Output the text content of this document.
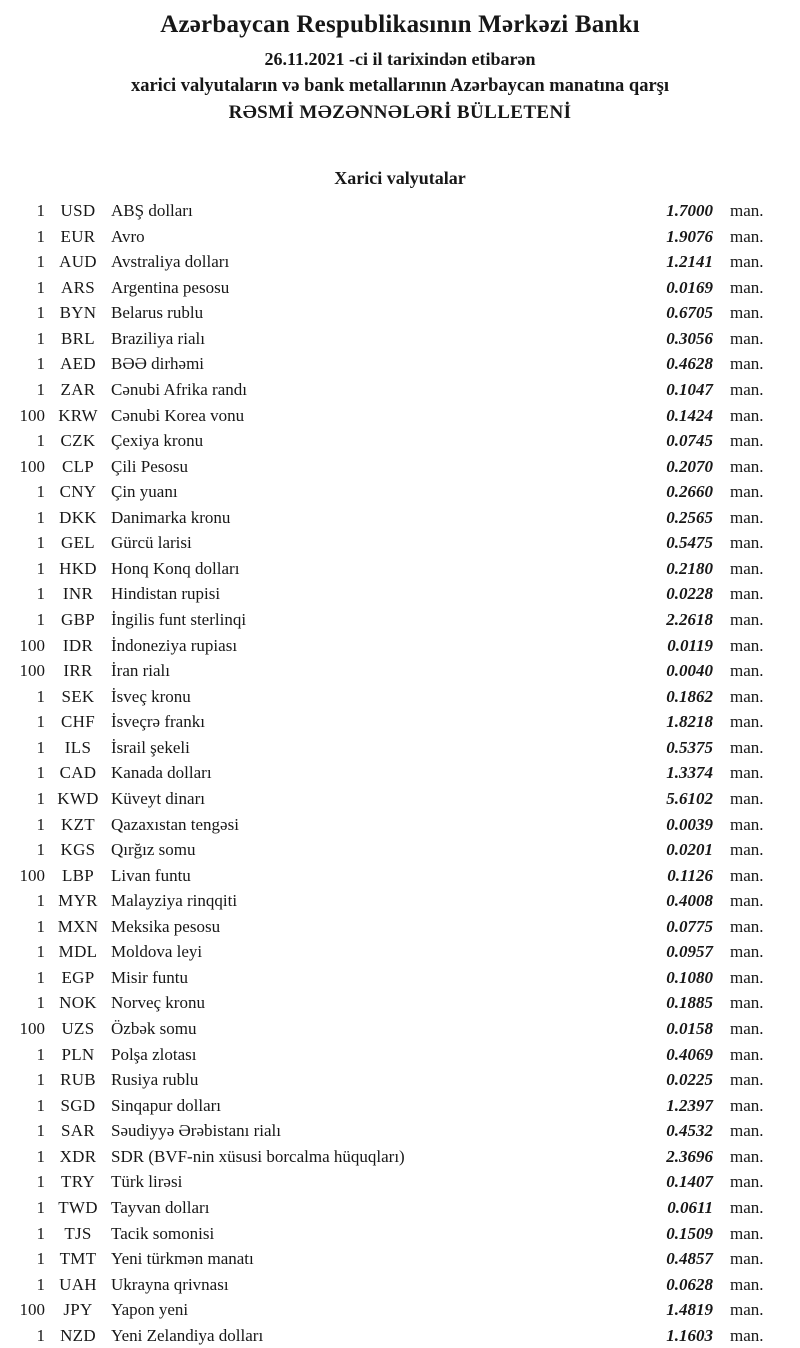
Azərbaycan Respublikasının Mərkəzi Bankı
26.11.2021 -ci il tarixindən etibarən
xarici valyutaların və bank metallarının Azərbaycan manatına qarşı
RƏSMİ MƏZƏNNƏLƏRİ BÜLLETENİ
Xarici valyutalar
1 USD ABŞ dolları	1.7000 man.
1 EUR Avro	1.9076 man.
1 AUD Avstraliya dolları	1.2141 man.
1 ARS Argentina pesosu	0.0169 man.
1 BYN Belarus rublu	0.6705 man.
1 BRL Braziliya rialı	0.3056 man.
1 AED BƏƏ dirhəmi	0.4628 man.
1 ZAR Cənubi Afrika randı	0.1047 man.
100 KRW Cənubi Korea vonu	0.1424 man.
1 CZK Çexiya kronu	0.0745 man.
100 CLP Çili Pesosu	0.2070 man.
1 CNY Çin yuanı	0.2660 man.
1 DKK Danimarka kronu	0.2565 man.
1 GEL Gürcü larisi	0.5475 man.
1 HKD Honq Konq dolları	0.2180 man.
1	INR	Hindistan rupisi	0.0228 man.
1 GBP İngilis funt sterlinqi	2.2618 man.
100	IDR	İndoneziya rupiası	0.0119 man.
100	IRR	İran rialı	0.0040 man.
1 SEK İsveç kronu	0.1862 man.
1 CHF İsveçrə frankı	1.8218 man.
1	ILS	İsrail şekeli	0.5375 man.
1 CAD Kanada dolları	1.3374 man.
1 KWD Küveyt dinarı	5.6102 man.
1 KZT Qazaxıstan tengəsi	0.0039 man.
1 KGS Qırğız somu	0.0201 man.
100 LBP Livan funtu	0.1126 man.
1 MYR Malayziya rinqqiti	0.4008 man.
1 MXN Meksika pesosu	0.0775 man.
1 MDL Moldova leyi	0.0957 man.
1 EGP Misir funtu	0.1080 man.
1 NOK Norveç kronu	0.1885 man.
100 UZS Özbək somu	0.0158 man.
1 PLN Polşa zlotası	0.4069 man.
1 RUB Rusiya rublu	0.0225 man.
1 SGD Sinqapur dolları	1.2397 man.
1 SAR Səudiyyə Ərəbistanı rialı	0.4532 man.
1 XDR SDR (BVF-nin xüsusi borcalma hüquqları)	2.3696 man.
1 TRY Türk lirəsi	0.1407 man.
1 TWD Tayvan dolları	0.0611 man.
1	TJS	Tacik somonisi	0.1509 man.
1 TMT Yeni türkmən manatı	0.4857 man.
1 UAH Ukrayna qrivnası	0.0628 man.
100	JPY	Yapon yeni	1.4819 man.
1 NZD Yeni Zelandiya dolları	1.1603 man.
